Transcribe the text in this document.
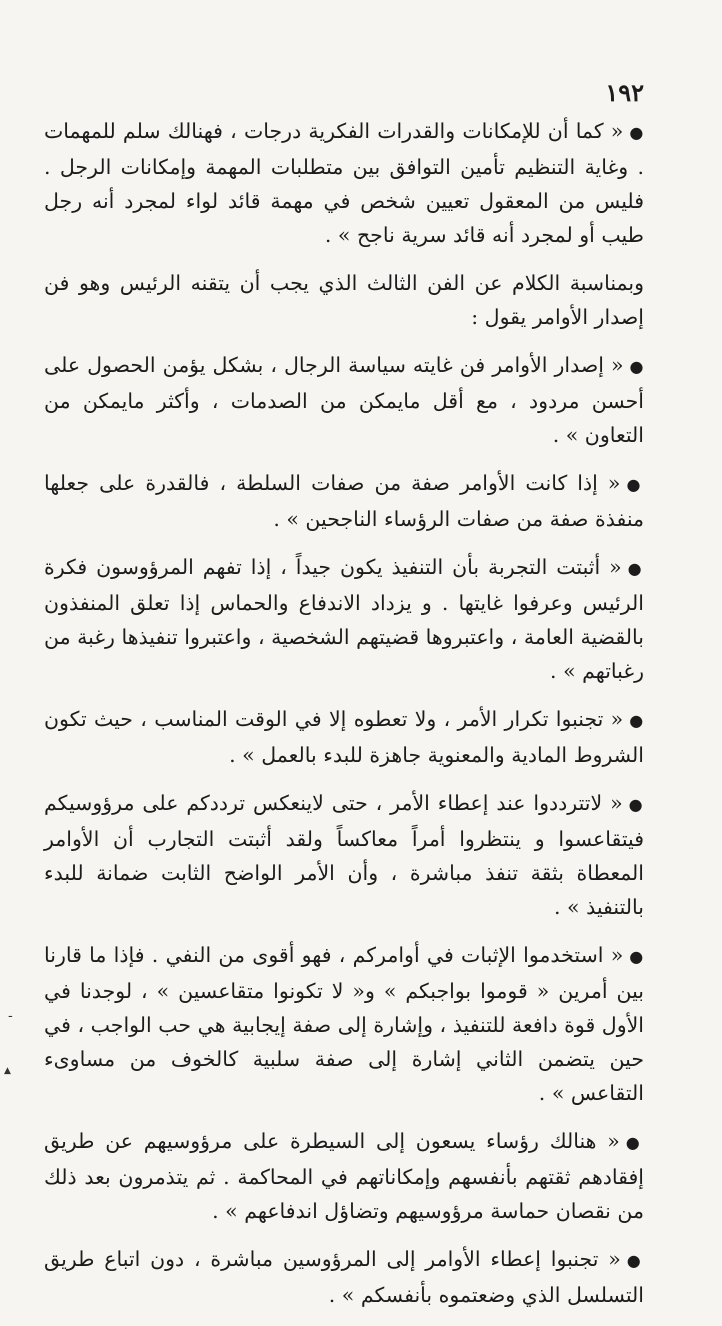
١٩٢

●« كما أن للإمكانات والقدرات الفكرية درجات ، فهنالك سلم للمهمات . وغاية التنظيم تأمين التوافق بين متطلبات المهمة وإمكانات الرجل . فليس من المعقول تعيين شخص في مهمة قائد لواء لمجرد أنه رجل طيب أو لمجرد أنه قائد سرية ناجح » .

وبمناسبة الكلام عن الفن الثالث الذي يجب أن يتقنه الرئيس وهو فن إصدار الأوامر يقول :

●« إصدار الأوامر فن غايته سياسة الرجال ، بشكل يؤمن الحصول على أحسن مردود ، مع أقل مايمكن من الصدمات ، وأكثر مايمكن من التعاون » .

●« إذا كانت الأوامر صفة من صفات السلطة ، فالقدرة على جعلها منفذة صفة من صفات الرؤساء الناجحين » .

●« أثبتت التجربة بأن التنفيذ يكون جيداً ، إذا تفهم المرؤوسون فكرة الرئيس وعرفوا غايتها . و يزداد الاندفاع والحماس إذا تعلق المنفذون بالقضية العامة ، واعتبروها قضيتهم الشخصية ، واعتبروا تنفيذها رغبة من رغباتهم » .

●« تجنبوا تكرار الأمر ، ولا تعطوه إلا في الوقت المناسب ، حيث تكون الشروط المادية والمعنوية جاهزة للبدء بالعمل » .

●« لاتترددوا عند إعطاء الأمر ، حتى لاينعكس ترددكم على مرؤوسيكم فيتقاعسوا و ينتظروا أمراً معاكساً ولقد أثبتت التجارب أن الأوامر المعطاة بثقة تنفذ مباشرة ، وأن الأمر الواضح الثابت ضمانة للبدء بالتنفيذ » .

●« استخدموا الإثبات في أوامركم ، فهو أقوى من النفي . فإذا ما قارنا بين أمرين « قوموا بواجبكم » و« لا تكونوا متقاعسين » ، لوجدنا في الأول قوة دافعة للتنفيذ ، وإشارة إلى صفة إيجابية هي حب الواجب ، في حين يتضمن الثاني إشارة إلى صفة سلبية كالخوف من مساوىء التقاعس » .

●« هنالك رؤساء يسعون إلى السيطرة على مرؤوسيهم عن طريق إفقادهم ثقتهم بأنفسهم وإمكاناتهم في المحاكمة . ثم يتذمرون بعد ذلك من نقصان حماسة مرؤوسيهم وتضاؤل اندفاعهم » .

●« تجنبوا إعطاء الأوامر إلى المرؤوسين مباشرة ، دون اتباع طريق التسلسل الذي وضعتموه بأنفسكم » .

-
▲
